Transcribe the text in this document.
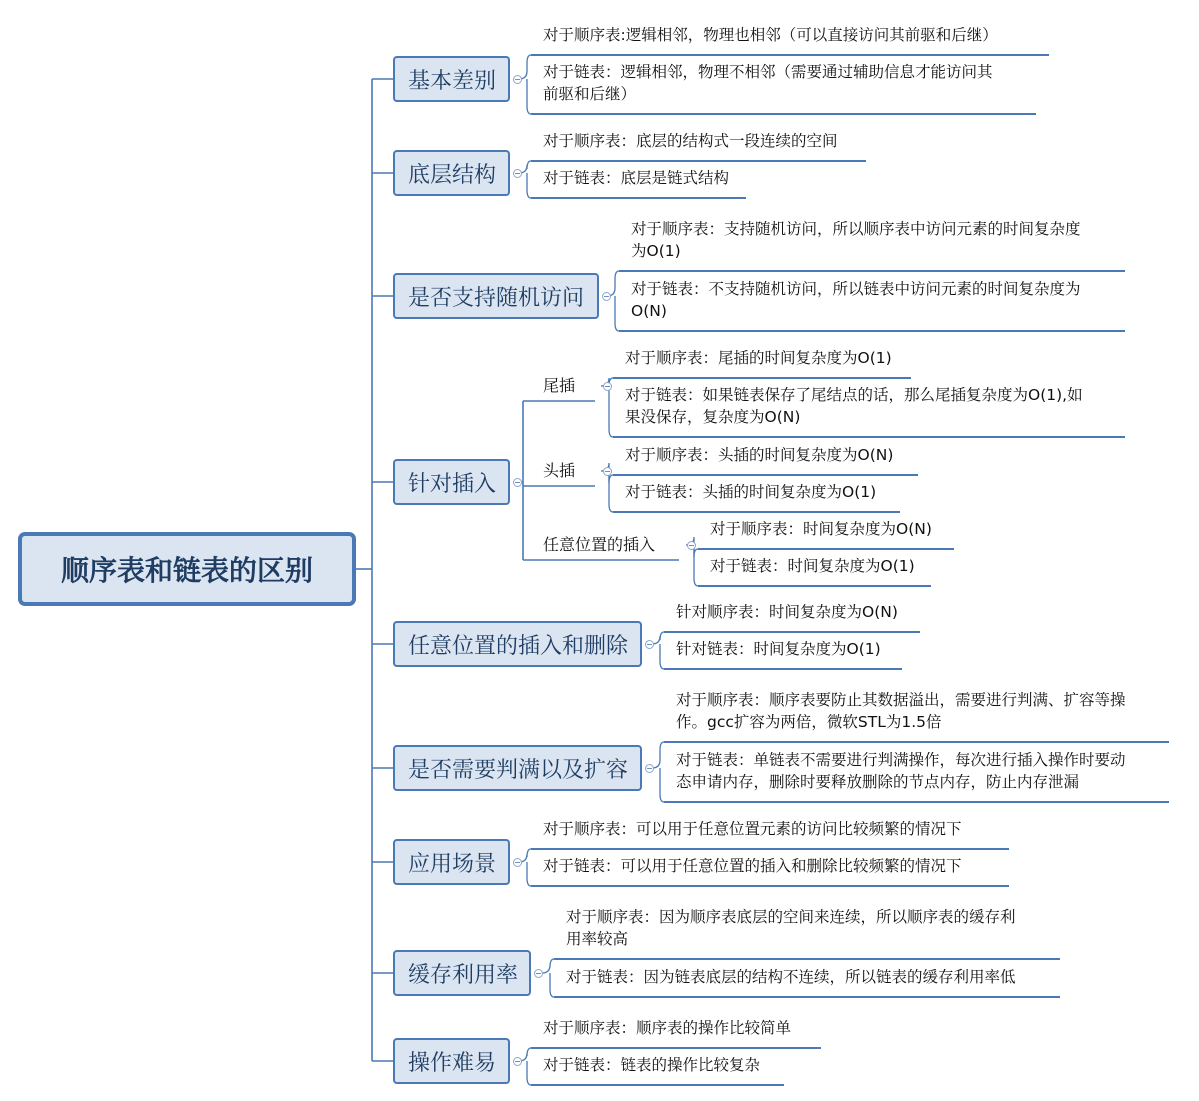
顺序表和链表的区别
基本差别
对于顺序表:逻辑相邻，物理也相邻（可以直接访问其前驱和后继）
对于链表：逻辑相邻，物理不相邻（需要通过辅助信息才能访问其
前驱和后继）
底层结构
对于顺序表：底层的结构式一段连续的空间
对于链表：底层是链式结构
是否支持随机访问
对于顺序表：支持随机访问，所以顺序表中访问元素的时间复杂度
为O(1)
对于链表：不支持随机访问，所以链表中访问元素的时间复杂度为
O(N)
针对插入
尾插
对于顺序表：尾插的时间复杂度为O(1)
对于链表：如果链表保存了尾结点的话，那么尾插复杂度为O(1),如
果没保存，复杂度为O(N)
头插
对于顺序表：头插的时间复杂度为O(N)
对于链表：头插的时间复杂度为O(1)
任意位置的插入
对于顺序表：时间复杂度为O(N)
对于链表：时间复杂度为O(1)
任意位置的插入和删除
针对顺序表：时间复杂度为O(N)
针对链表：时间复杂度为O(1)
是否需要判满以及扩容
对于顺序表：顺序表要防止其数据溢出，需要进行判满、扩容等操
作。gcc扩容为两倍，微软STL为1.5倍
对于链表：单链表不需要进行判满操作，每次进行插入操作时要动
态申请内存，删除时要释放删除的节点内存，防止内存泄漏
应用场景
对于顺序表：可以用于任意位置元素的访问比较频繁的情况下
对于链表：可以用于任意位置的插入和删除比较频繁的情况下
缓存利用率
对于顺序表：因为顺序表底层的空间来连续，所以顺序表的缓存利
用率较高
对于链表：因为链表底层的结构不连续，所以链表的缓存利用率低
操作难易
对于顺序表：顺序表的操作比较简单
对于链表：链表的操作比较复杂
